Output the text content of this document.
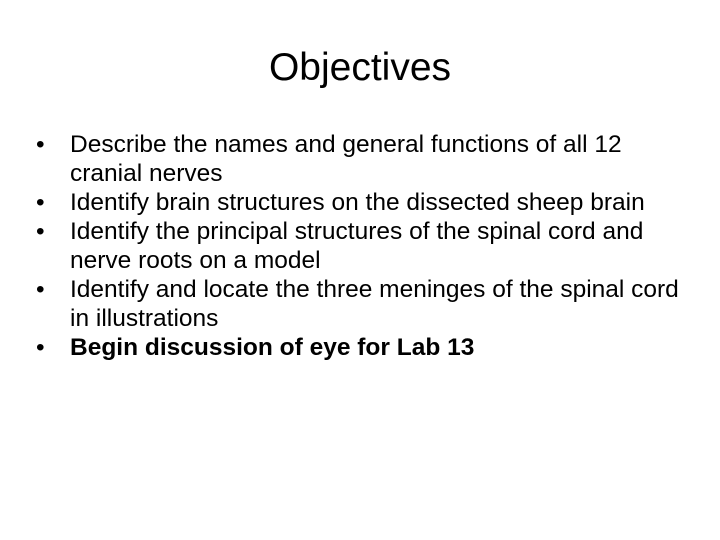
Objectives
•	Describe the names and general functions of all 12 cranial nerves
•	Identify brain structures on the dissected sheep brain
•	Identify the principal structures of the spinal cord and nerve roots on a model
•	Identify and locate the three meninges of the spinal cord in illustrations
•	Begin discussion of eye for Lab 13
